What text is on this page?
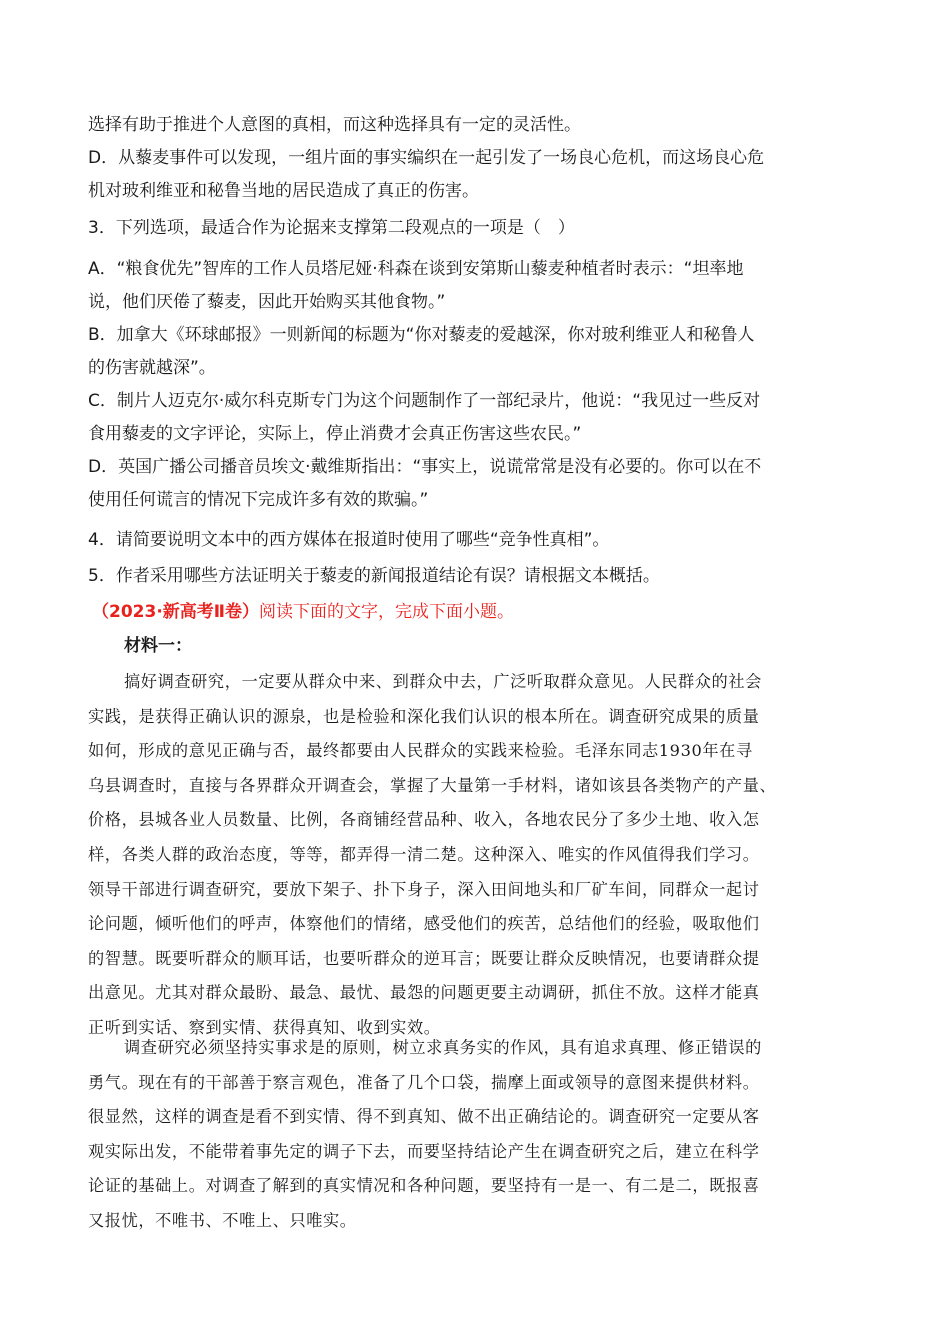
选择有助于推进个人意图的真相，而这种选择具有一定的灵活性。
D．从藜麦事件可以发现，一组片面的事实编织在一起引发了一场良心危机，而这场良心危
机对玻利维亚和秘鲁当地的居民造成了真正的伤害。
3．下列选项，最适合作为论据来支撑第二段观点的一项是（　）
A．“粮食优先”智库的工作人员塔尼娅·科森在谈到安第斯山藜麦种植者时表示：“坦率地
说，他们厌倦了藜麦，因此开始购买其他食物。”
B．加拿大《环球邮报》一则新闻的标题为“你对藜麦的爱越深，你对玻利维亚人和秘鲁人
的伤害就越深”。
C．制片人迈克尔·威尔科克斯专门为这个问题制作了一部纪录片，他说：“我见过一些反对
食用藜麦的文字评论，实际上，停止消费才会真正伤害这些农民。”
D．英国广播公司播音员埃文·戴维斯指出：“事实上，说谎常常是没有必要的。你可以在不
使用任何谎言的情况下完成许多有效的欺骗。”
4．请简要说明文本中的西方媒体在报道时使用了哪些“竞争性真相”。
5．作者采用哪些方法证明关于藜麦的新闻报道结论有误？请根据文本概括。
（2023·新高考Ⅱ卷）阅读下面的文字，完成下面小题。
材料一：
搞好调查研究，一定要从群众中来、到群众中去，广泛听取群众意见。人民群众的社会
实践，是获得正确认识的源泉，也是检验和深化我们认识的根本所在。调查研究成果的质量
如何，形成的意见正确与否，最终都要由人民群众的实践来检验。毛泽东同志1930年在寻
乌县调查时，直接与各界群众开调查会，掌握了大量第一手材料，诸如该县各类物产的产量、
价格，县城各业人员数量、比例，各商铺经营品种、收入，各地农民分了多少土地、收入怎
样，各类人群的政治态度，等等，都弄得一清二楚。这种深入、唯实的作风值得我们学习。
领导干部进行调查研究，要放下架子、扑下身子，深入田间地头和厂矿车间，同群众一起讨
论问题，倾听他们的呼声，体察他们的情绪，感受他们的疾苦，总结他们的经验，吸取他们
的智慧。既要听群众的顺耳话，也要听群众的逆耳言；既要让群众反映情况，也要请群众提
出意见。尤其对群众最盼、最急、最忧、最怨的问题更要主动调研，抓住不放。这样才能真
正听到实话、察到实情、获得真知、收到实效。
调查研究必须坚持实事求是的原则，树立求真务实的作风，具有追求真理、修正错误的
勇气。现在有的干部善于察言观色，准备了几个口袋，揣摩上面或领导的意图来提供材料。
很显然，这样的调查是看不到实情、得不到真知、做不出正确结论的。调查研究一定要从客
观实际出发，不能带着事先定的调子下去，而要坚持结论产生在调查研究之后，建立在科学
论证的基础上。对调查了解到的真实情况和各种问题，要坚持有一是一、有二是二，既报喜
又报忧，不唯书、不唯上、只唯实。
